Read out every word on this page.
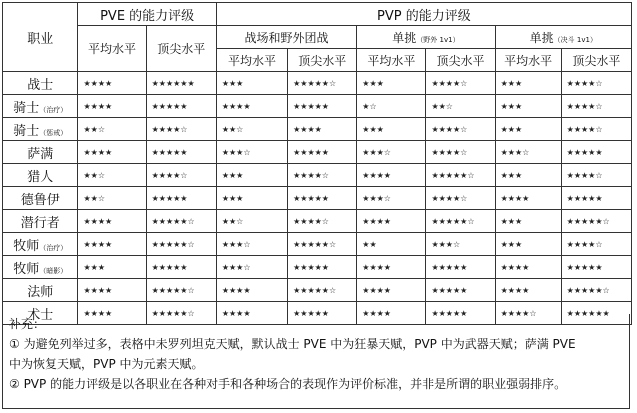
职业	PVE 的能力评级		PVP 的能力评级					
	平均水平	顶尖水平	战场和野外团战		单挑（野外 1v1）		单挑（决斗 1v1）	
			平均水平	顶尖水平	平均水平	顶尖水平	平均水平	顶尖水平
战士	★★★★	★★★★★★	★★★	★★★★★☆	★★★	★★★★☆	★★★	★★★★☆
骑士（治疗）	★★★★	★★★★★	★★★★	★★★★★	★☆	★★☆	★★★	★★★★☆
骑士（惩戒）	★★☆	★★★★☆	★★☆	★★★★	★★★	★★★★☆	★★★	★★★★☆
萨满	★★★★	★★★★★	★★★☆	★★★★★	★★★☆	★★★★☆	★★★☆	★★★★★
猎人	★★☆	★★★★☆	★★★	★★★★☆	★★★★	★★★★★☆	★★★	★★★★☆
德鲁伊	★★☆	★★★★★	★★★	★★★★★	★★★☆	★★★★☆	★★★★	★★★★★
潜行者	★★★★	★★★★★☆	★★☆	★★★★☆	★★★★	★★★★★☆	★★★	★★★★★☆
牧师（治疗）	★★★★	★★★★★☆	★★★☆	★★★★★☆	★★	★★★☆	★★★	★★★★☆
牧师（暗影）	★★★	★★★★★	★★★☆	★★★★★	★★★★	★★★★★	★★★★	★★★★★
法师	★★★★	★★★★★☆	★★★★	★★★★★☆	★★★★	★★★★★	★★★★	★★★★★☆
术士	★★★★	★★★★★☆	★★★★	★★★★★	★★★★	★★★★★	★★★★☆	★★★★★★

补充：

① 为避免列举过多，表格中未罗列坦克天赋，默认战士 PVE 中为狂暴天赋，PVP 中为武器天赋；萨满 PVE

中为恢复天赋，PVP 中为元素天赋。

② PVP 的能力评级是以各职业在各种对手和各种场合的表现作为评价标准，并非是所谓的职业强弱排序。
